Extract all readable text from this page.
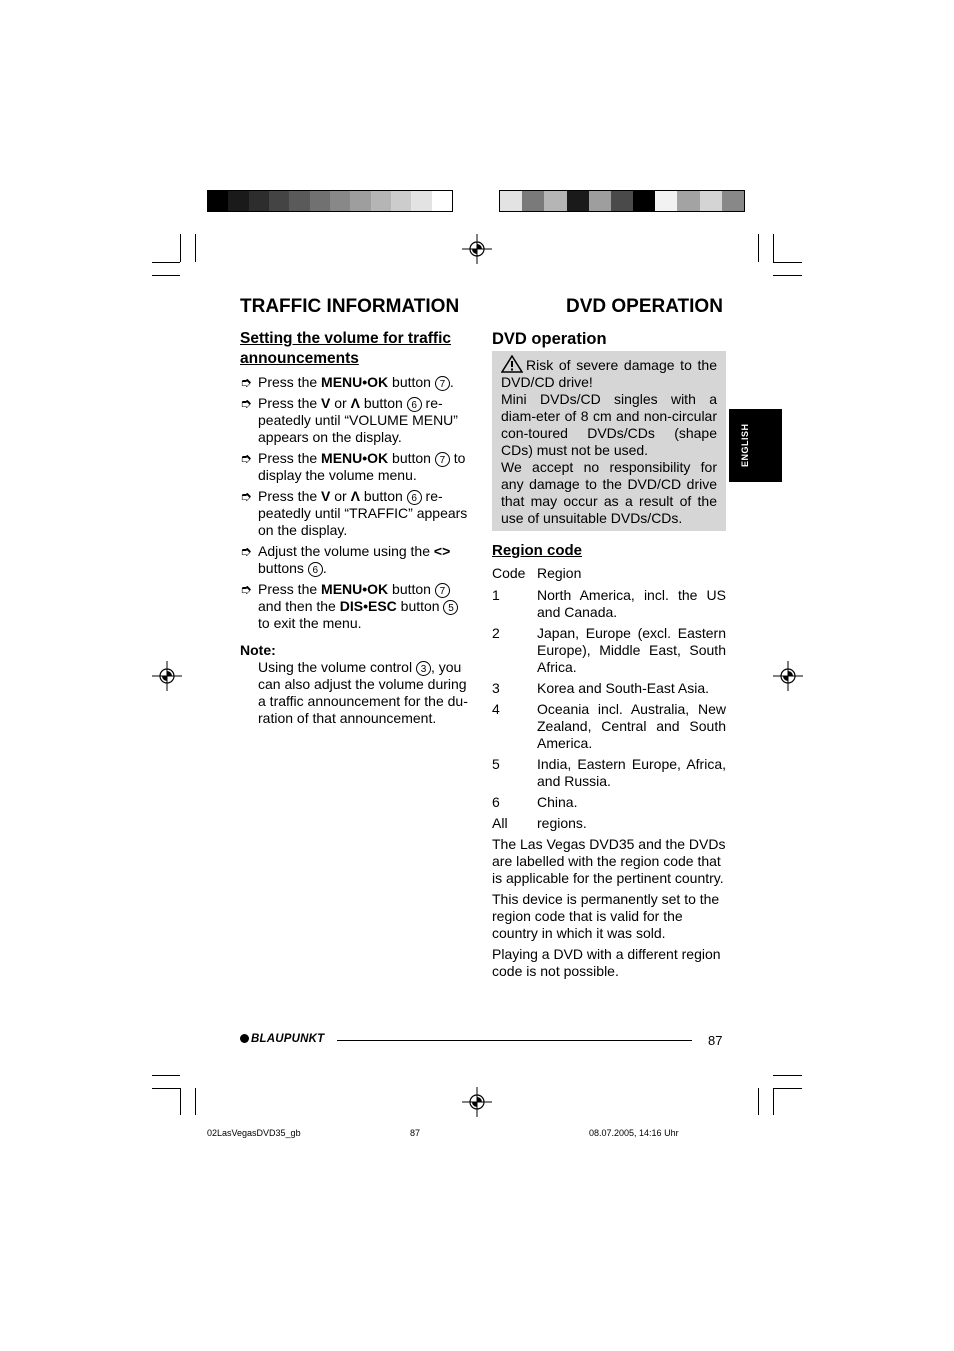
TRAFFIC INFORMATION	DVD OPERATION
Setting the volume for traffic announcements
➮ Press the MENU•OK button 7 .
➮ Press the V or Λ button 6 re-peatedly until “VOLUME MENU” appears on the display.
➮ Press the MENU•OK button 7 to display the volume menu.
➮ Press the V or Λ button 6 re-peatedly until “TRAFFIC” appears on the display.
➮ Adjust the volume using the <> buttons 6 .
➮ Press the MENU•OK button 7 and then the DIS•ESC button 5 to exit the menu.
Note:
Using the volume control 3 , you can also adjust the volume during a traffic announcement for the du-ration of that announcement.
DVD operation
Risk of severe damage to the DVD/CD drive!
Mini DVDs/CD singles with a diam-eter of 8 cm and non-circular con-toured DVDs/CDs (shape CDs) must not be used.
We accept no responsibility for any damage to the DVD/CD drive that may occur as a result of the use of unsuitable DVDs/CDs.
Region code
Code Region
1	North America, incl. the US and Canada.
2	Japan, Europe (excl. Eastern Europe), Middle East, South Africa.
3	Korea and South-East Asia.
4	Oceania incl. Australia, New Zealand, Central and South America.
5	India, Eastern Europe, Africa, and Russia.
6	China.
All	regions.

The Las Vegas DVD35 and the DVDs are labelled with the region code that is applicable for the pertinent country.

This device is permanently set to the region code that is valid for the country in which it was sold.

Playing a DVD with a different region code is not possible.

ENGLISH
BLAUPUNKT	87
02LasVegasDVD35_gb	87	08.07.2005, 14:16 Uhr
